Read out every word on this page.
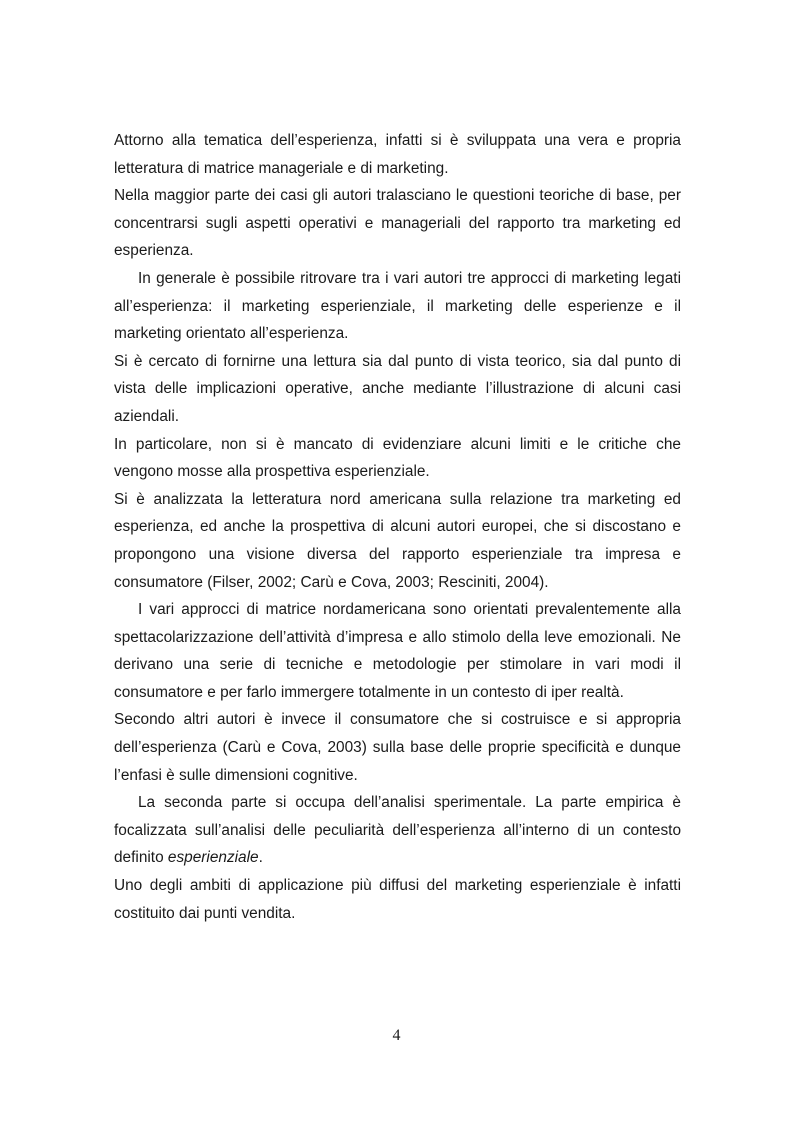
Attorno alla tematica dell’esperienza, infatti si è sviluppata una vera e propria letteratura di matrice manageriale e di marketing.

Nella maggior parte dei casi gli autori tralasciano le questioni teoriche di base, per concentrarsi sugli aspetti operativi e manageriali del rapporto tra marketing ed esperienza.

In generale è possibile ritrovare tra i vari autori tre approcci di marketing legati all’esperienza: il marketing esperienziale, il marketing delle esperienze e il marketing orientato all’esperienza.

Si è cercato di fornirne una lettura sia dal punto di vista teorico, sia dal punto di vista delle implicazioni operative, anche mediante l’illustrazione di alcuni casi aziendali.

In particolare, non si è mancato di evidenziare alcuni limiti e le critiche che vengono mosse alla prospettiva esperienziale.

Si è analizzata la letteratura nord americana sulla relazione tra marketing ed esperienza, ed anche la prospettiva di alcuni autori europei, che si discostano e propongono una visione diversa del rapporto esperienziale tra impresa e consumatore (Filser, 2002; Carù e Cova, 2003; Resciniti, 2004).

I vari approcci di matrice nordamericana sono orientati prevalentemente alla spettacolarizzazione dell’attività d’impresa e allo stimolo della leve emozionali. Ne derivano una serie di tecniche e metodologie per stimolare in vari modi il consumatore e per farlo immergere totalmente in un contesto di iper realtà.

Secondo altri autori è invece il consumatore che si costruisce e si appropria dell’esperienza (Carù e Cova, 2003) sulla base delle proprie specificità e dunque l’enfasi è sulle dimensioni cognitive.

La seconda parte si occupa dell’analisi sperimentale. La parte empirica è focalizzata sull’analisi delle peculiarità dell’esperienza all’interno di un contesto definito esperienziale.

Uno degli ambiti di applicazione più diffusi del marketing esperienziale è infatti costituito dai punti vendita.

4
